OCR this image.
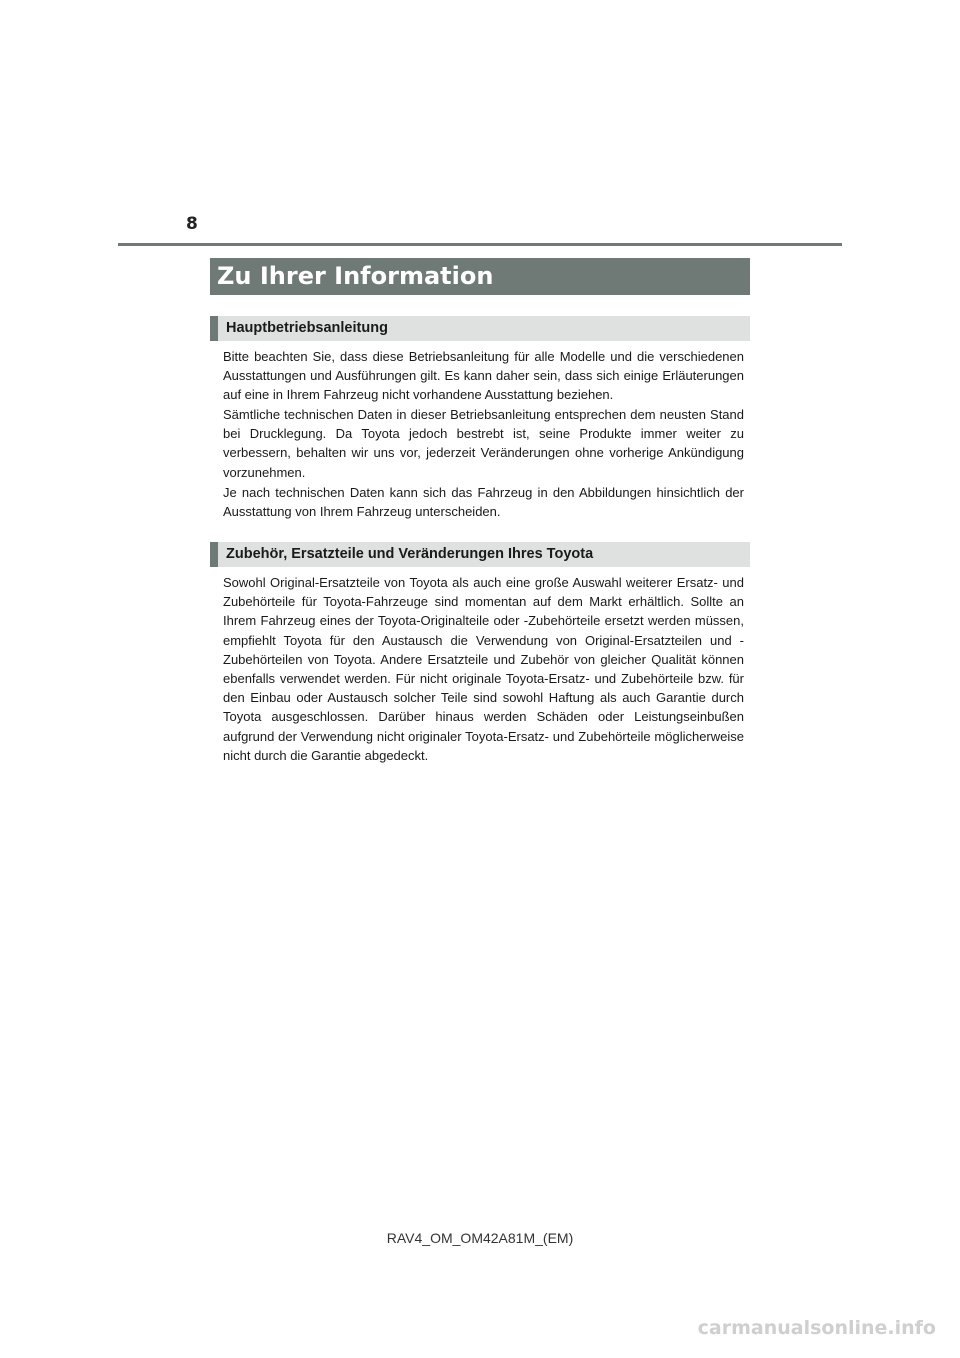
8
Zu Ihrer Information
Hauptbetriebsanleitung

Bitte beachten Sie, dass diese Betriebsanleitung für alle Modelle und die verschiedenen Ausstattungen und Ausführungen gilt. Es kann daher sein, dass sich einige Erläuterungen auf eine in Ihrem Fahrzeug nicht vorhandene Ausstattung beziehen.

Sämtliche technischen Daten in dieser Betriebsanleitung entsprechen dem neusten Stand bei Drucklegung. Da Toyota jedoch bestrebt ist, seine Produkte immer weiter zu verbessern, behalten wir uns vor, jederzeit Veränderungen ohne vorherige Ankündigung vorzunehmen.

Je nach technischen Daten kann sich das Fahrzeug in den Abbildungen hinsichtlich der Ausstattung von Ihrem Fahrzeug unterscheiden.

Zubehör, Ersatzteile und Veränderungen Ihres Toyota

Sowohl Original-Ersatzteile von Toyota als auch eine große Auswahl weiterer Ersatz- und Zubehörteile für Toyota-Fahrzeuge sind momentan auf dem Markt erhältlich. Sollte an Ihrem Fahrzeug eines der Toyota-Originalteile oder -Zubehörteile ersetzt werden müssen, empfiehlt Toyota für den Austausch die Verwendung von Original-Ersatzteilen und -Zubehörteilen von Toyota. Andere Ersatzteile und Zubehör von gleicher Qualität können ebenfalls verwendet werden. Für nicht originale Toyota-Ersatz- und Zubehörteile bzw. für den Einbau oder Austausch solcher Teile sind sowohl Haftung als auch Garantie durch Toyota ausgeschlossen. Darüber hinaus werden Schäden oder Leistungseinbußen aufgrund der Verwendung nicht originaler Toyota-Ersatz- und Zubehörteile möglicherweise nicht durch die Garantie abgedeckt.

RAV4_OM_OM42A81M_(EM)
carmanualsonline.info
